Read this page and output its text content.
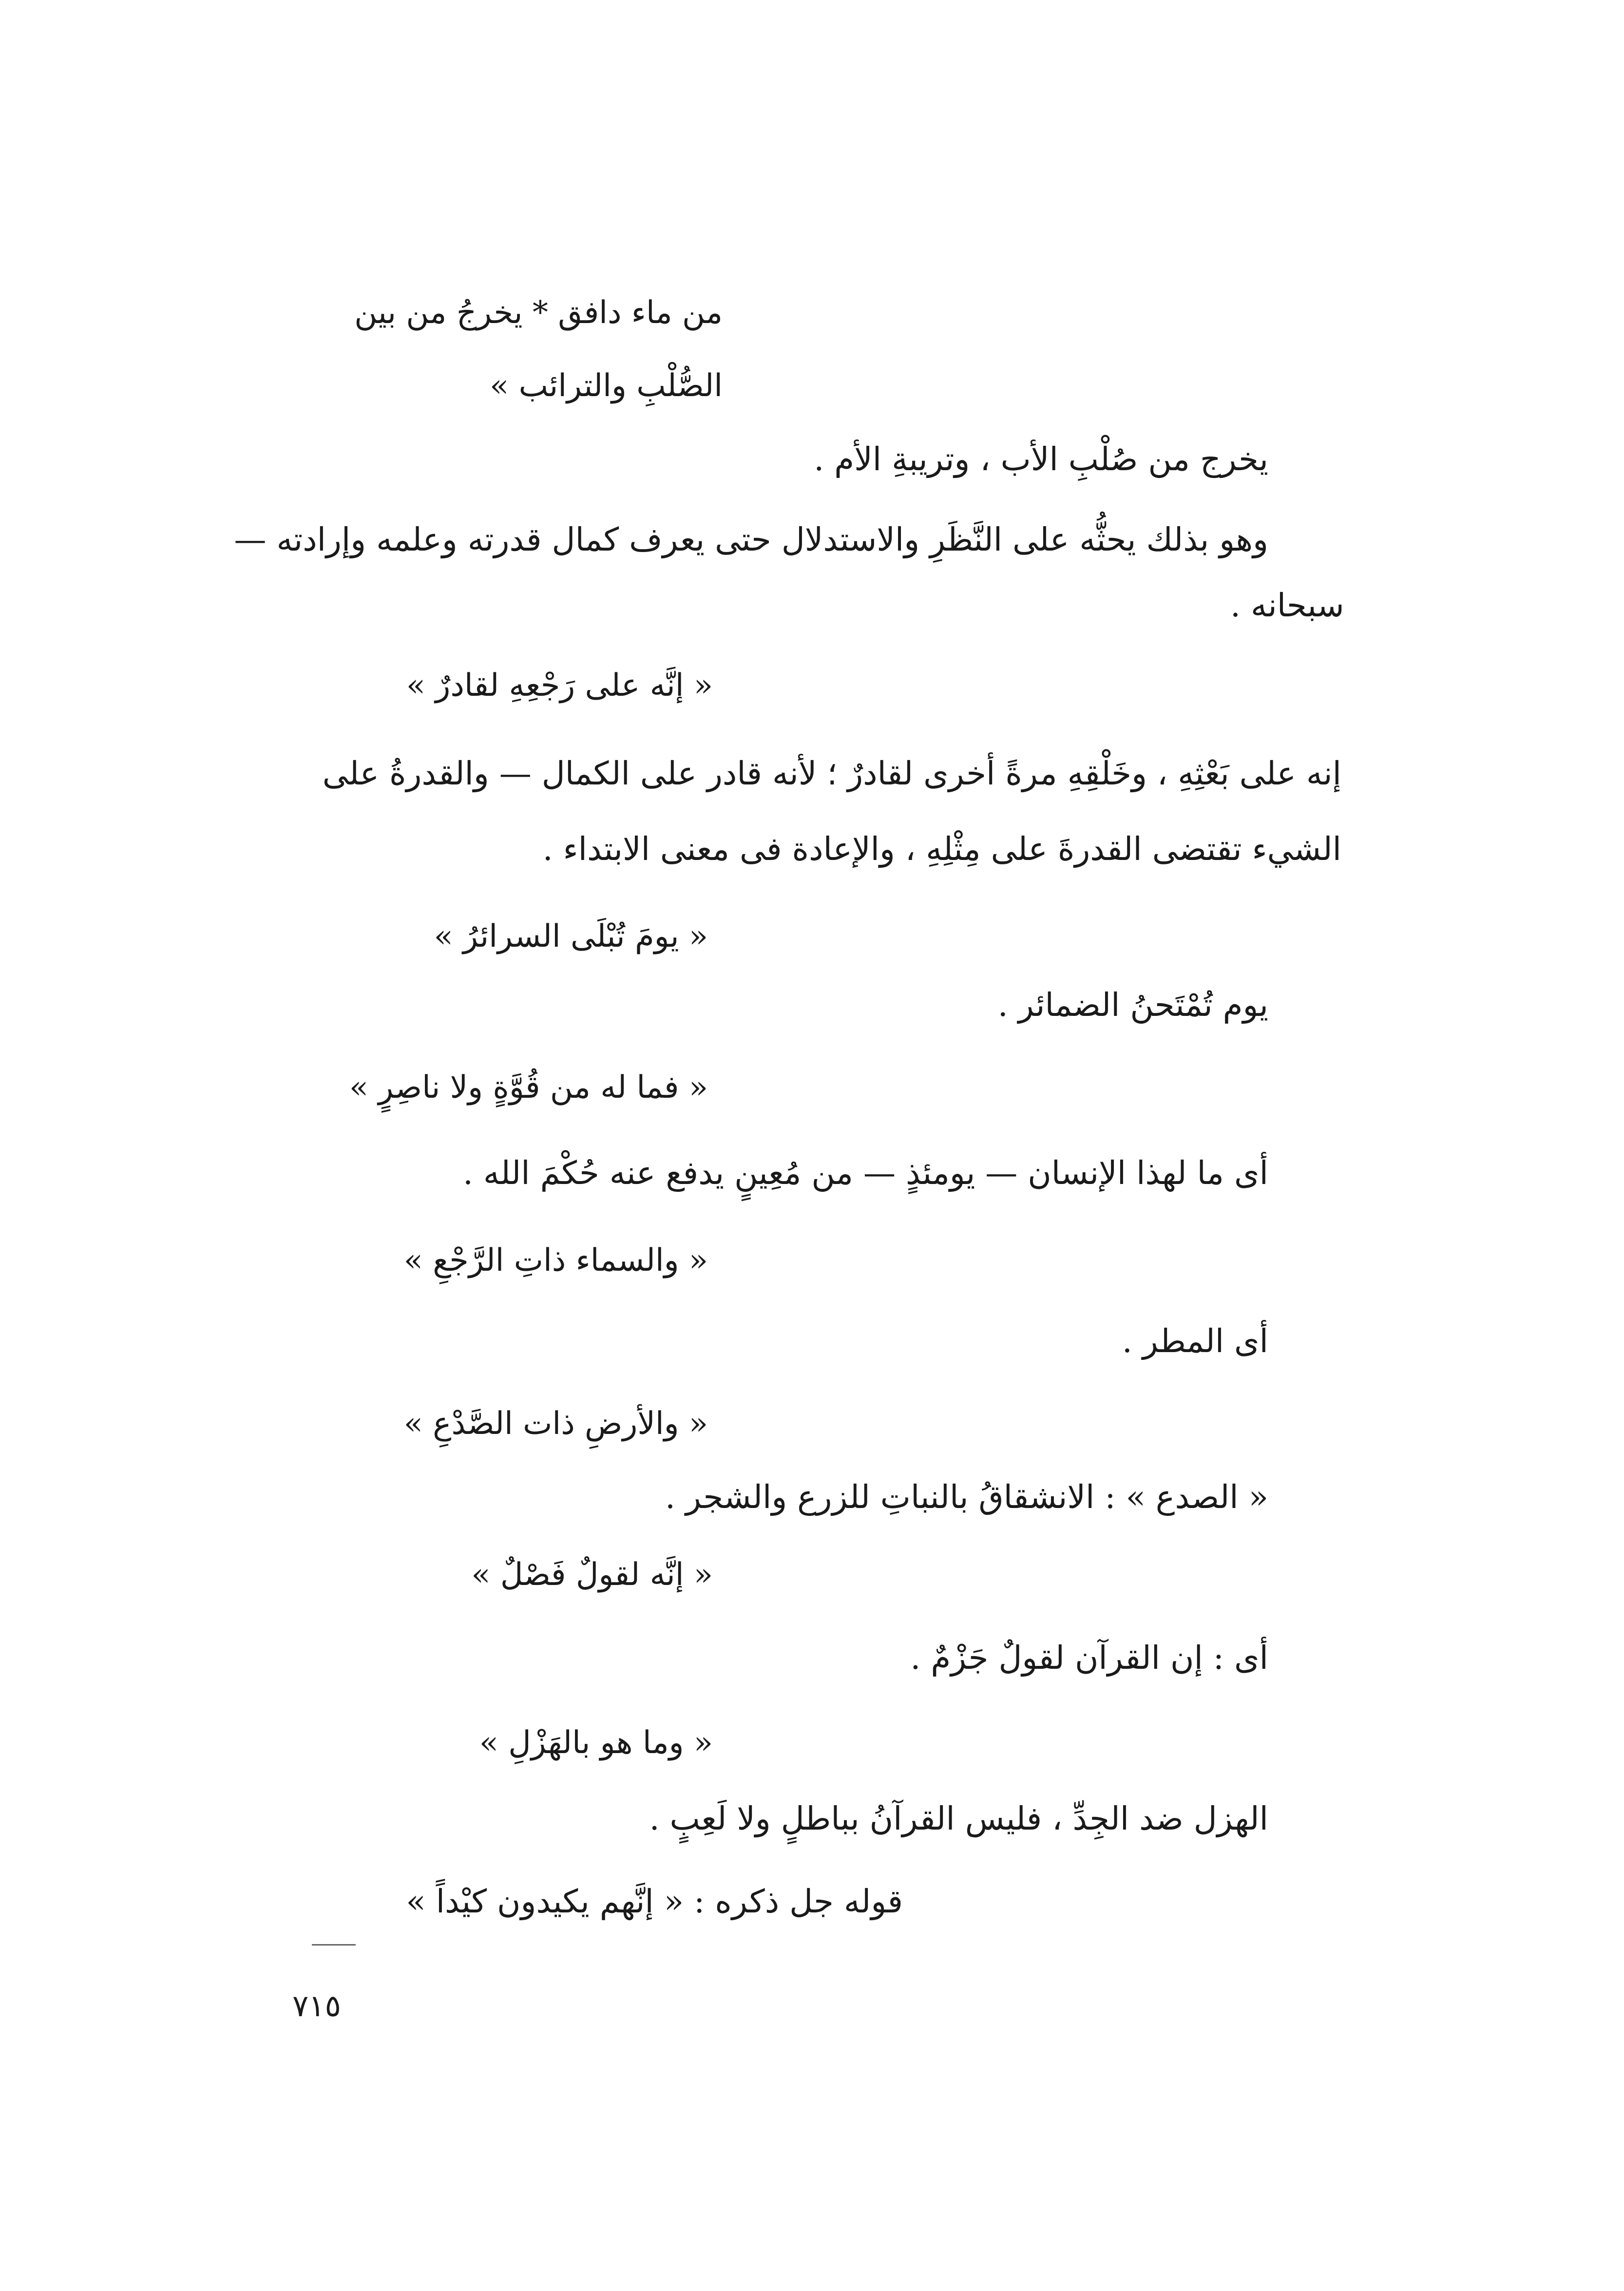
من ماء دافق * يخرجُ من بين
الصُّلْبِ والترائب »
يخرج من صُلْبِ الأب ، وتريبةِ الأم .
وهو بذلك يحثُّه على النَّظَرِ والاستدلال حتى يعرف كمال قدرته وعلمه وإرادته —
سبحانه .
« إنَّه على رَجْعِهِ لقادرٌ »
إنه على بَعْثِهِ ، وخَلْقِهِ مرةً أخرى لقادرٌ ؛ لأنه قادر على الكمال — والقدرةُ على
الشيء تقتضى القدرةَ على مِثْلِهِ ، والإعادة فى معنى الابتداء .
« يومَ تُبْلَى السرائرُ »
يوم تُمْتَحنُ الضمائر .
« فما له من قُوَّةٍ ولا ناصِرٍ »
أى ما لهذا الإنسان — يومئذٍ — من مُعِينٍ يدفع عنه حُكْمَ الله .
« والسماء ذاتِ الرَّجْعِ »
أى المطر .
« والأرضِ ذات الصَّدْعِ »
« الصدع » : الانشقاقُ بالنباتِ للزرع والشجر .
« إنَّه لقولٌ فَصْلٌ »
أى : إن القرآن لقولٌ جَزْمٌ .
« وما هو بالهَزْلِ »
الهزل ضد الجِدِّ ، فليس القرآنُ بباطلٍ ولا لَعِبٍ .
قوله جل ذكره : « إنَّهم يكيدون كيْداً »
٧١٥
